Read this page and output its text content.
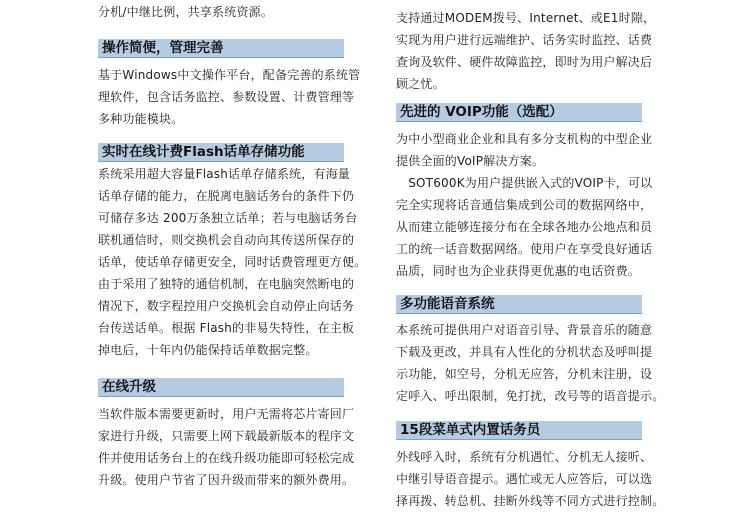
分机/中继比例，共享系统资源。

操作简便，管理完善

基于Windows中文操作平台，配备完善的系统管
理软件，包含话务监控、参数设置、计费管理等
多种功能模块。

实时在线计费Flash话单存储功能

系统采用超大容量Flash话单存储系统，有海量
话单存储的能力，在脱离电脑话务台的条件下仍
可储存多达 200万条独立话单；若与电脑话务台
联机通信时，则交换机会自动向其传送所保存的
话单，使话单存储更安全，同时话费管理更方便。
由于采用了独特的通信机制，在电脑突然断电的
情况下，数字程控用户交换机会自动停止向话务
台传送话单。根据 Flash的非易失特性，在主板
掉电后，十年内仍能保持话单数据完整。

在线升级

当软件版本需要更新时，用户无需将芯片寄回厂
家进行升级，只需要上网下载最新版本的程序文
件并使用话务台上的在线升级功能即可轻松完成
升级。使用户节省了因升级而带来的额外费用。

支持通过MODEM拨号、Internet、或E1时隙，
实现为用户进行远端维护、话务实时监控、话费
查询及软件、硬件故障监控，即时为用户解决后
顾之忧。

先进的 VOIP功能（选配）

为中小型商业企业和具有多分支机构的中型企业
提供全面的VoIP解决方案。
　SOT600K为用户提供嵌入式的VOIP卡，可以
完全实现将话音通信集成到公司的数据网络中，
从而建立能够连接分布在全球各地办公地点和员
工的统一话音数据网络。使用户在享受良好通话
品质，同时也为企业获得更优惠的电话资费。

多功能语音系统

本系统可提供用户对语音引导、背景音乐的随意
下载及更改，并具有人性化的分机状态及呼叫提
示功能，如空号，分机无应答，分机未注册，设
定呼入、呼出限制，免打扰，改号等的语音提示。

15段菜单式内置话务员

外线呼入时，系统有分机遇忙、分机无人接听、
中继引导语音提示。遇忙或无人应答后，可以选
择再拨、转总机、挂断外线等不同方式进行控制。
